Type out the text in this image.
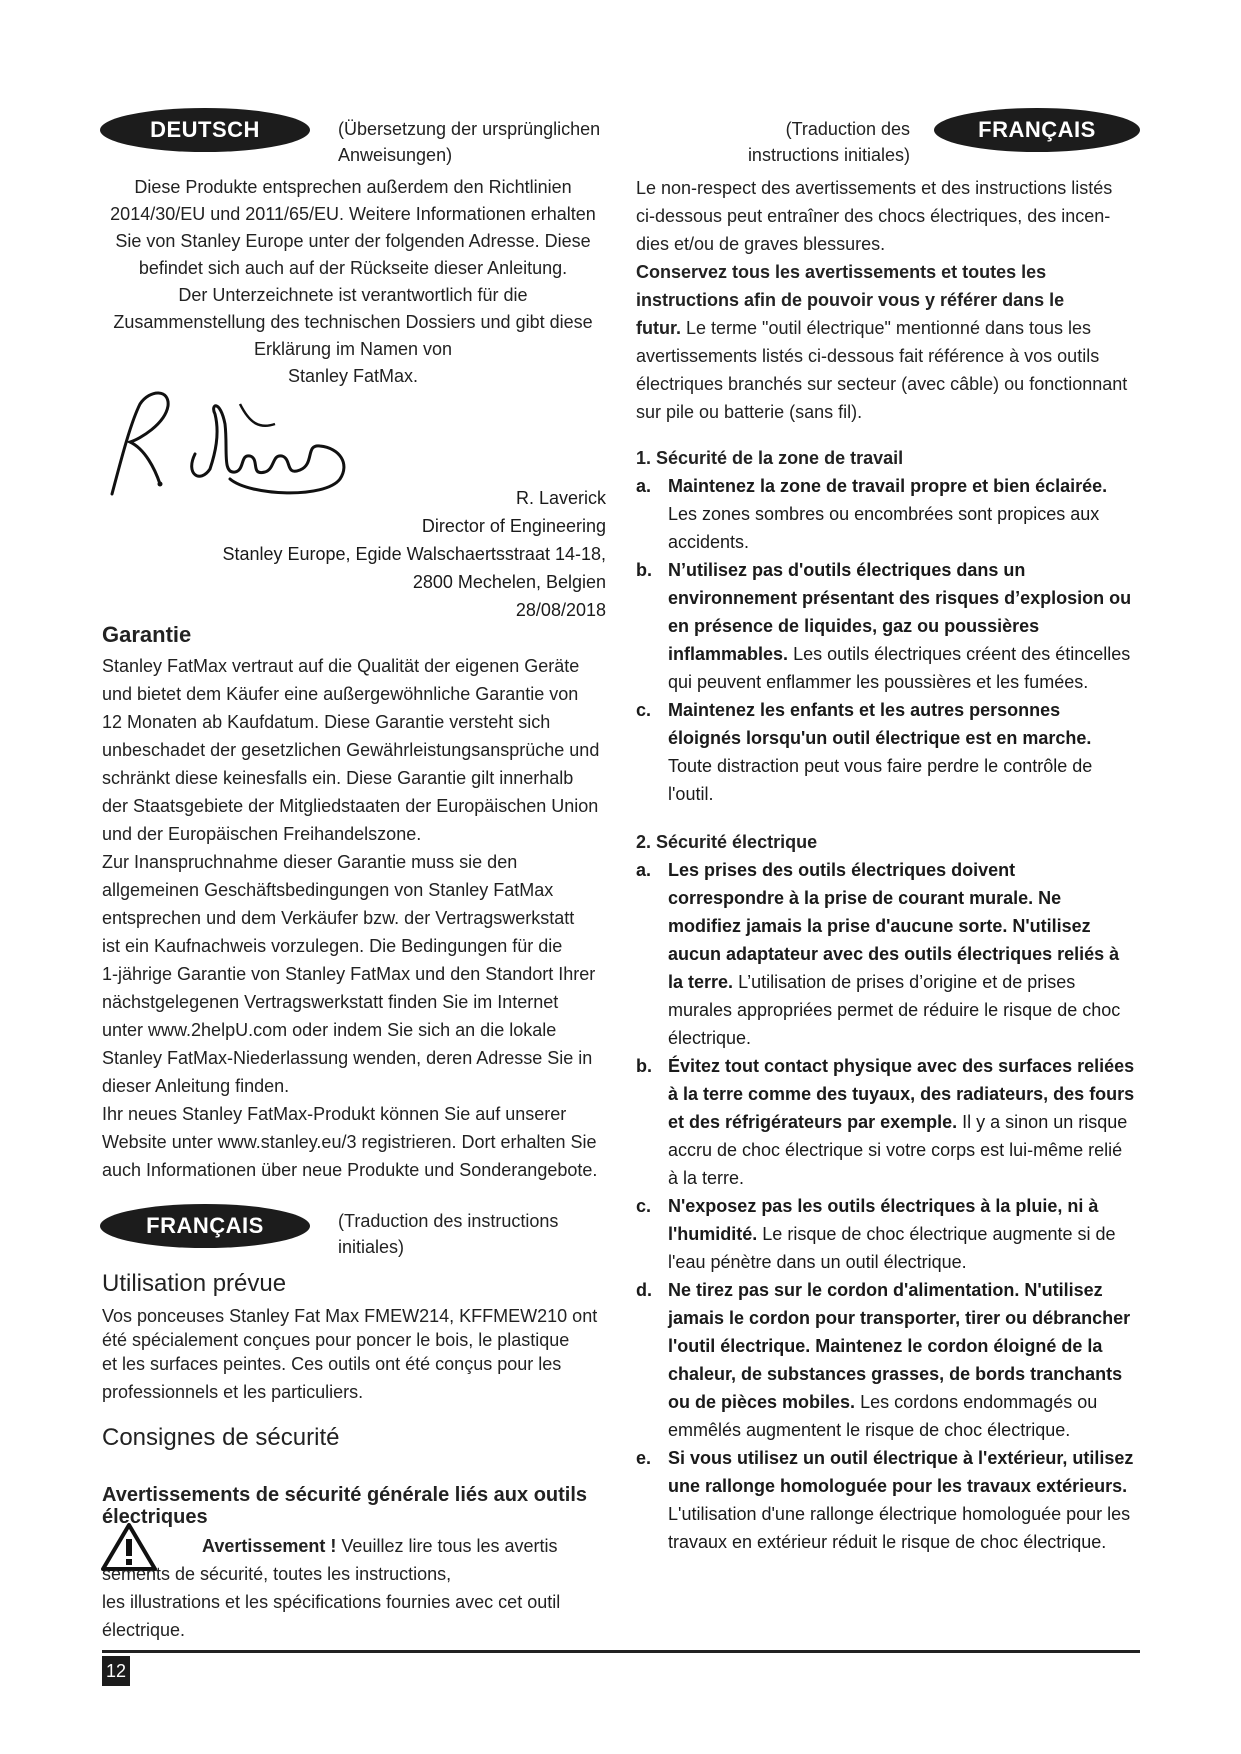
DEUTSCH	(Übersetzung der ursprünglichen Anweisungen)
Diese Produkte entsprechen außerdem den Richtlinien
2014/30/EU und 2011/65/EU. Weitere Informationen erhalten
Sie von Stanley Europe unter der folgenden Adresse. Diese
befindet sich auch auf der Rückseite dieser Anleitung.
Der Unterzeichnete ist verantwortlich für die
Zusammenstellung des technischen Dossiers und gibt diese
Erklärung im Namen von
Stanley FatMax.
R. Laverick
Director of Engineering
Stanley Europe, Egide Walschaertsstraat 14-18,
2800 Mechelen, Belgien
28/08/2018
Garantie
Stanley FatMax vertraut auf die Qualität der eigenen Geräte
und bietet dem Käufer eine außergewöhnliche Garantie von
12 Monaten ab Kaufdatum. Diese Garantie versteht sich
unbeschadet der gesetzlichen Gewährleistungsansprüche und
schränkt diese keinesfalls ein. Diese Garantie gilt innerhalb
der Staatsgebiete der Mitgliedstaaten der Europäischen Union
und der Europäischen Freihandelszone.
Zur Inanspruchnahme dieser Garantie muss sie den
allgemeinen Geschäftsbedingungen von Stanley FatMax
entsprechen und dem Verkäufer bzw. der Vertragswerkstatt
ist ein Kaufnachweis vorzulegen. Die Bedingungen für die
1-jährige Garantie von Stanley FatMax und den Standort Ihrer
nächstgelegenen Vertragswerkstatt finden Sie im Internet
unter www.2helpU.com oder indem Sie sich an die lokale
Stanley FatMax-Niederlassung wenden, deren Adresse Sie in
dieser Anleitung finden.
Ihr neues Stanley FatMax-Produkt können Sie auf unserer
Website unter www.stanley.eu/3 registrieren. Dort erhalten Sie
auch Informationen über neue Produkte und Sonderangebote.
FRANÇAIS	(Traduction des instructions initiales)
Utilisation prévue
Vos ponceuses Stanley Fat Max FMEW214, KFFMEW210 ont
été spécialement conçues pour poncer le bois, le plastique
et les surfaces peintes. Ces outils ont été conçus pour les
professionnels et les particuliers.
Consignes de sécurité
Avertissements de sécurité générale liés aux outils électriques
Avertissement ! Veuillez lire tous les avertis
sements de sécurité, toutes les instructions,
les illustrations et les spécifications fournies avec cet outil
électrique.
(Traduction des instructions initiales)
FRANÇAIS
Le non-respect des avertissements et des instructions listés
ci-dessous peut entraîner des chocs électriques, des incen-
dies et/ou de graves blessures.
Conservez tous les avertissements et toutes les
instructions afin de pouvoir vous y référer dans le
futur. Le terme "outil électrique" mentionné dans tous les
avertissements listés ci-dessous fait référence à vos outils
électriques branchés sur secteur (avec câble) ou fonctionnant
sur pile ou batterie (sans fil).
1. Sécurité de la zone de travail
a. Maintenez la zone de travail propre et bien éclairée.
Les zones sombres ou encombrées sont propices aux
accidents.
b. N’utilisez pas d'outils électriques dans un
environnement présentant des risques d’explosion ou
en présence de liquides, gaz ou poussières
inflammables. Les outils électriques créent des étincelles
qui peuvent enflammer les poussières et les fumées.
c. Maintenez les enfants et les autres personnes
éloignés lorsqu'un outil électrique est en marche.
Toute distraction peut vous faire perdre le contrôle de
l'outil.
2. Sécurité électrique
a. Les prises des outils électriques doivent
correspondre à la prise de courant murale. Ne
modifiez jamais la prise d'aucune sorte. N'utilisez
aucun adaptateur avec des outils électriques reliés à
la terre. L’utilisation de prises d’origine et de prises
murales appropriées permet de réduire le risque de choc
électrique.
b. Évitez tout contact physique avec des surfaces reliées
à la terre comme des tuyaux, des radiateurs, des fours
et des réfrigérateurs par exemple. Il y a sinon un risque
accru de choc électrique si votre corps est lui-même relié
à la terre.
c. N'exposez pas les outils électriques à la pluie, ni à
l'humidité. Le risque de choc électrique augmente si de
l'eau pénètre dans un outil électrique.
d. Ne tirez pas sur le cordon d'alimentation. N'utilisez
jamais le cordon pour transporter, tirer ou débrancher
l'outil électrique. Maintenez le cordon éloigné de la
chaleur, de substances grasses, de bords tranchants
ou de pièces mobiles. Les cordons endommagés ou
emmêlés augmentent le risque de choc électrique.
e. Si vous utilisez un outil électrique à l'extérieur, utilisez
une rallonge homologuée pour les travaux extérieurs.
L'utilisation d'une rallonge électrique homologuée pour les
travaux en extérieur réduit le risque de choc électrique.
12
